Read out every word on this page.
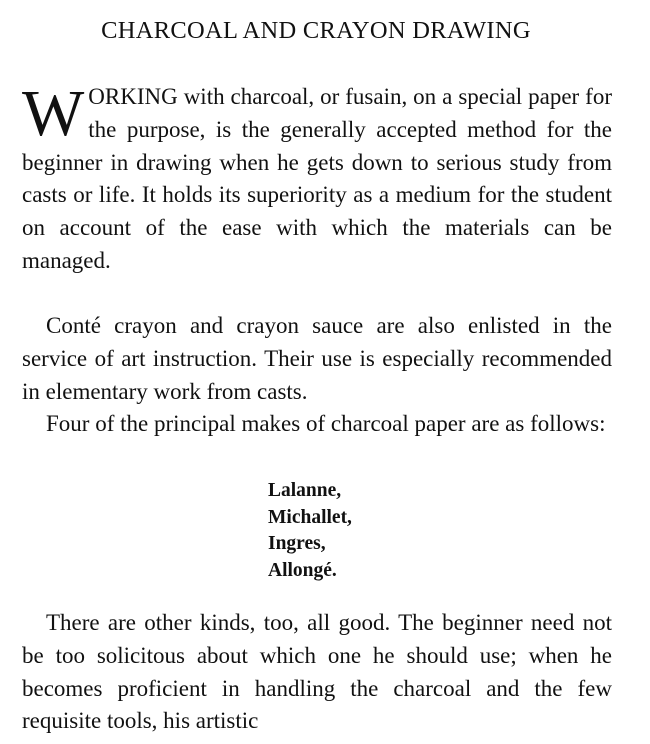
CHARCOAL AND CRAYON DRAWING

WORKING with charcoal, or fusain, on a special paper for the purpose, is the generally accepted method for the beginner in drawing when he gets down to serious study from casts or life. It holds its superiority as a medium for the student on account of the ease with which the materials can be managed.

Conté crayon and crayon sauce are also enlisted in the service of art instruction. Their use is especially recommended in elementary work from casts.

Four of the principal makes of charcoal paper are as follows:

Lalanne,
Michallet,
Ingres,
Allongé.

There are other kinds, too, all good. The beginner need not be too solicitous about which one he should use; when he becomes proficient in handling the charcoal and the few requisite tools, his artistic
